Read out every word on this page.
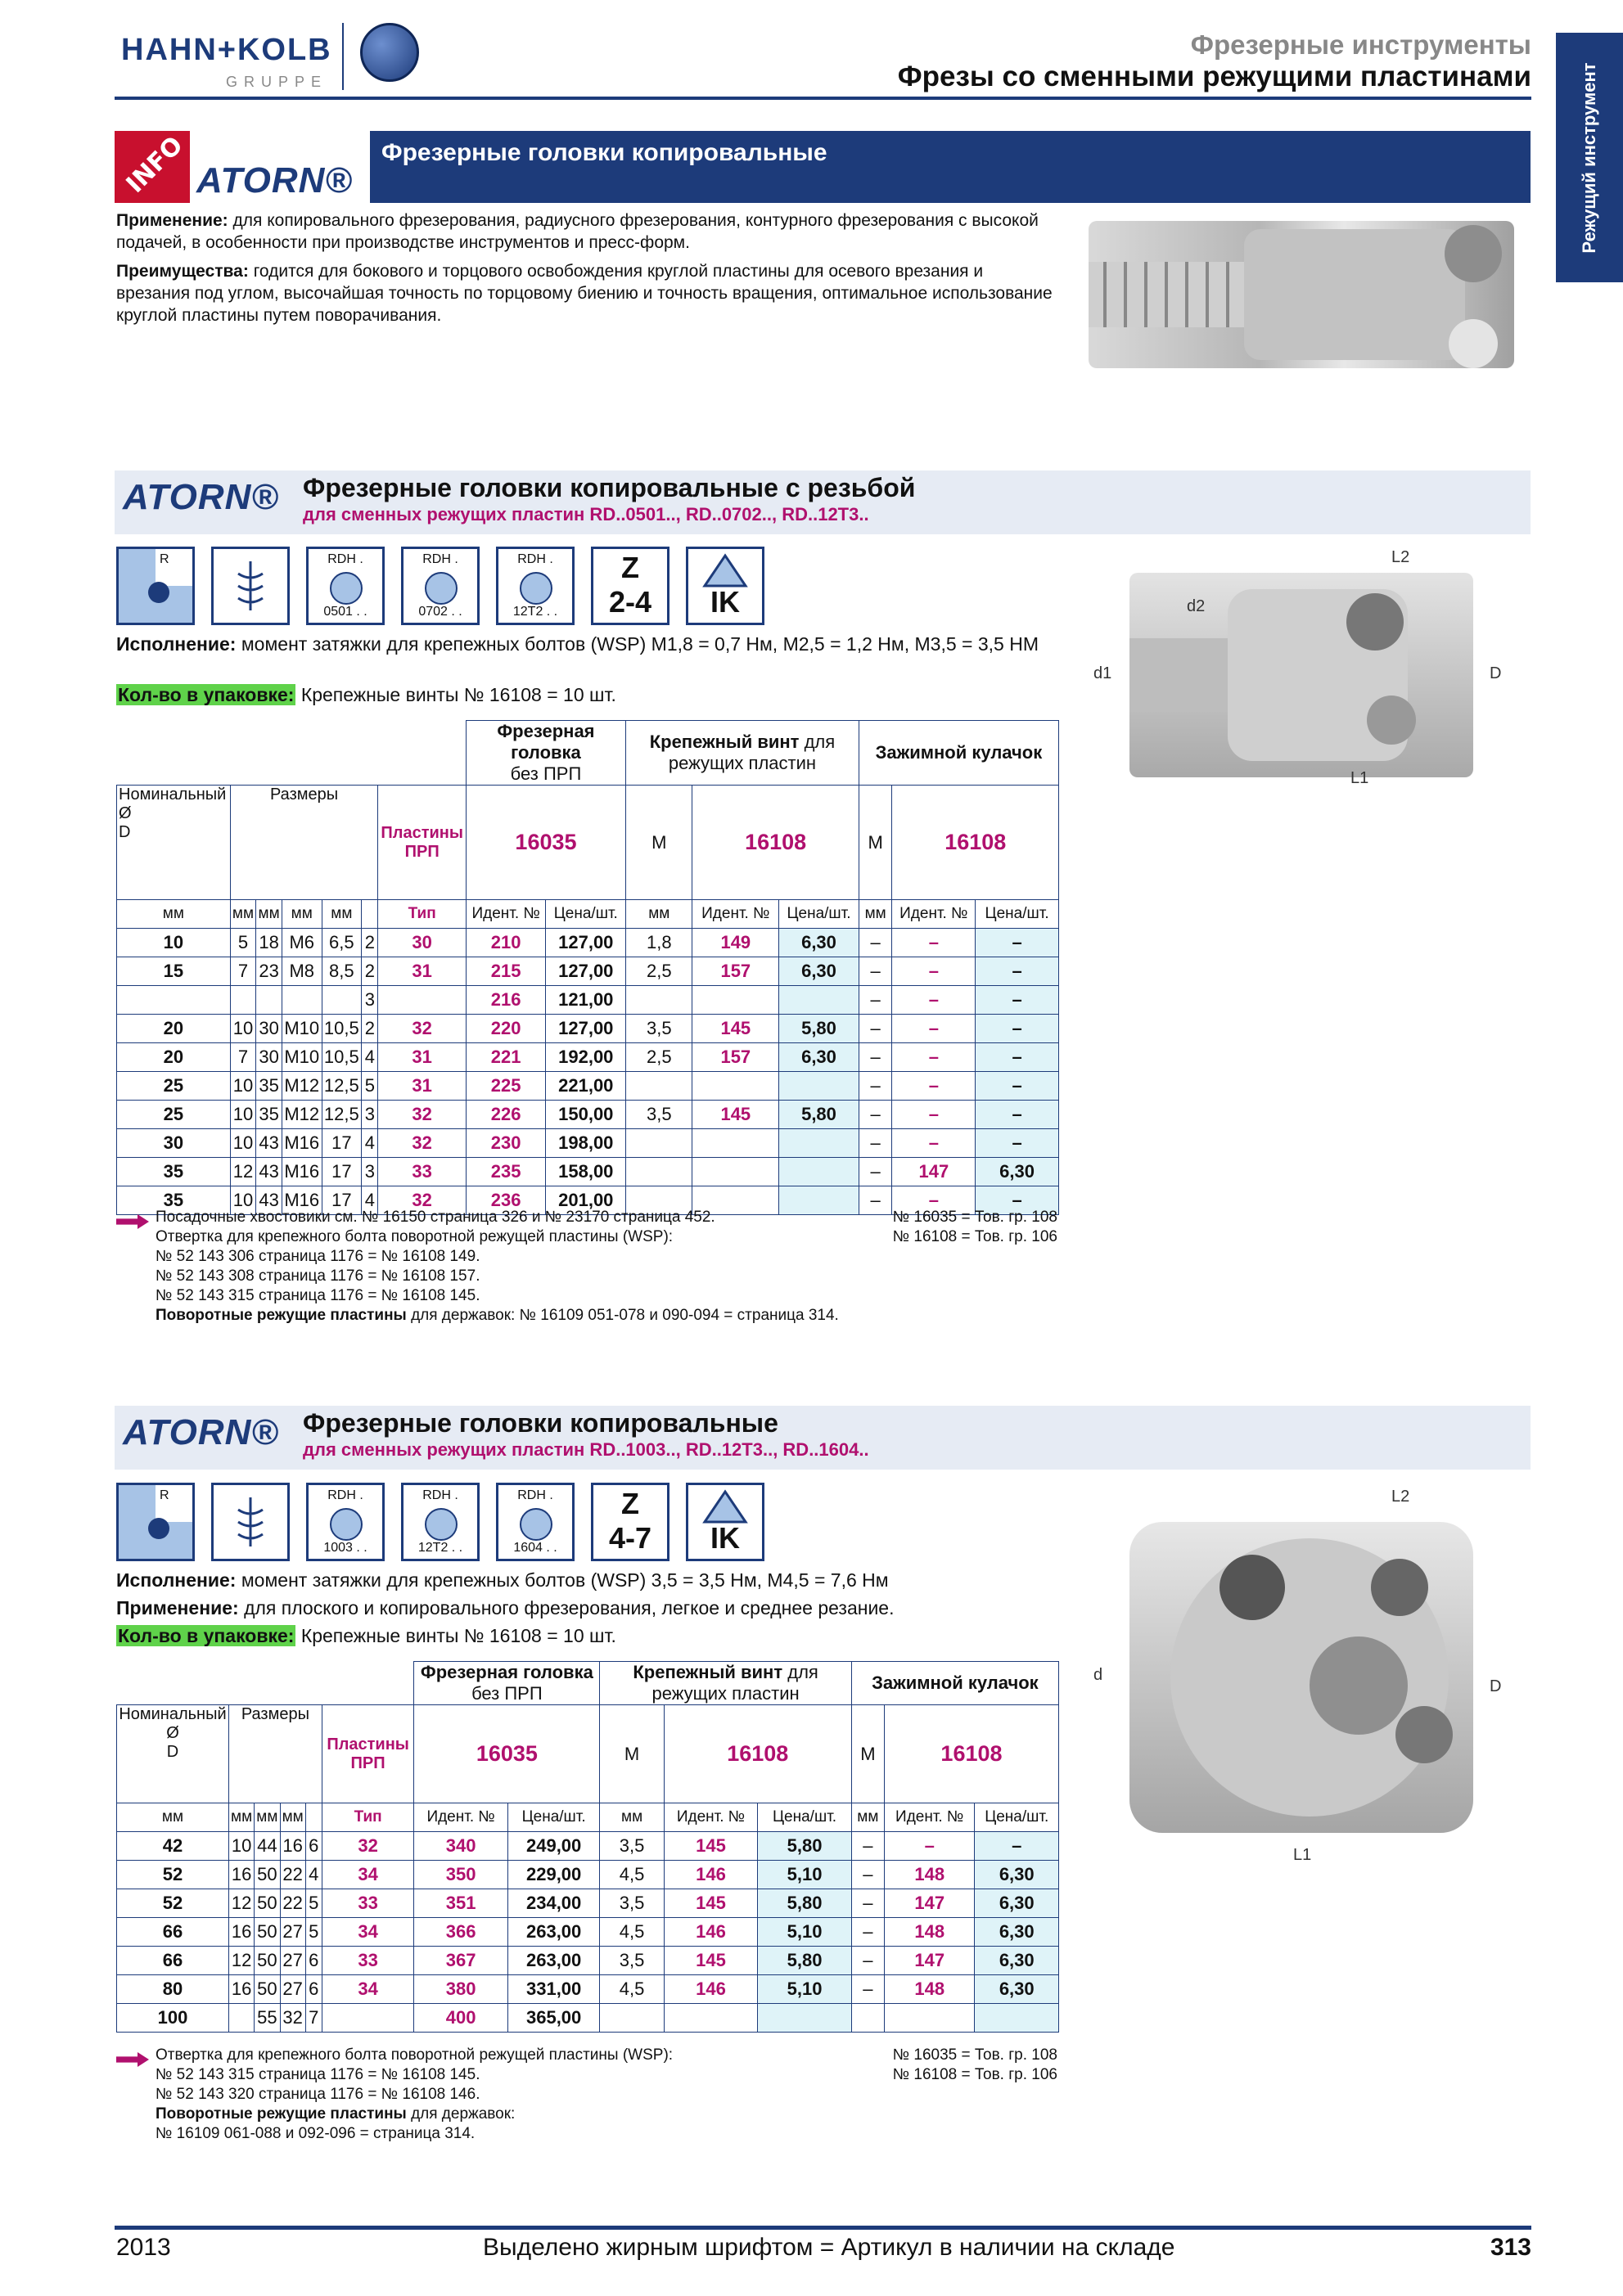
HAHN+KOLB
GRUPPE
Фрезерные инструменты
Фрезы со сменными режущими пластинами	Режущий инструмент
INFO ATORN®
Фрезерные головки копировальные
Применение: для копировального фрезерования, радиусного фрезерования, контурного фрезерования с высокой подачей, в особенности при производстве инструментов и пресс-форм.
Преимущества: годится для бокового и торцового освобождения круглой пластины для осевого врезания и врезания под углом, высочайшая точность по торцовому биению и точность вращения, оптимальное использование круглой пластины путем поворачивания.
ATORN® Фрезерные головки копировальные с резьбой
для сменных режущих пластин RD..0501.., RD..0702.., RD..12T3..
R	RDH .
0501 . .
RDH .
0702 . .
RDH .
12T2 . .
Z
2-4	IK
Исполнение: момент затяжки для крепежных болтов (WSP) M1,8 = 0,7 Нм, M2,5 = 1,2 Нм, M3,5 = 3,5 НМ
Кол-во в упаковке: Крепежные винты № 16108 = 10 шт.
							Фрезерная головка
без ПРП		Крепежный винт для режущих пластин			Зажимной кулачок		
Номинальный Ø
D	Размеры					Пластины ПРП	16035		M	16108		M	16108	
мм	мм	мм	мм	мм		Тип	Идент. №	Цена/шт.	мм	Идент. №	Цена/шт.	мм	Идент. №	Цена/шт.
10	5	18	M6	6,5	2	30	210	127,00	1,8	149	6,30	–	–	–
15	7	23	M8	8,5	2	31	215	127,00	2,5	157	6,30	–	–	–
					3		216	121,00				–	–	–
20	10	30	M10	10,5	2	32	220	127,00	3,5	145	5,80	–	–	–
20	7	30	M10	10,5	4	31	221	192,00	2,5	157	6,30	–	–	–
25	10	35	M12	12,5	5	31	225	221,00				–	–	–
25	10	35	M12	12,5	3	32	226	150,00	3,5	145	5,80	–	–	–
30	10	43	M16	17	4	32	230	198,00				–	–	–
35	12	43	M16	17	3	33	235	158,00				–	147	6,30
35	10	43	M16	17	4	32	236	201,00				–	–	–
Посадочные хвостовики см. № 16150 страница 326 и № 23170 страница 452.
Отвертка для крепежного болта поворотной режущей пластины (WSP):
№ 52 143 306 страница 1176 = № 16108 149.
№ 52 143 308 страница 1176 = № 16108 157.
№ 52 143 315 страница 1176 = № 16108 145.
Поворотные режущие пластины для державок: № 16109 051-078 и 090-094 = страница 314.
№ 16035 = Тов. гр. 108
№ 16108 = Тов. гр. 106
L2
d2
d1	D
L1
ATORN® Фрезерные головки копировальные
для сменных режущих пластин RD..1003.., RD..12T3.., RD..1604..
R	RDH .
1003 . .
RDH .
12T2 . .
RDH .
1604 . .
Z
4-7	IK
Исполнение: момент затяжки для крепежных болтов (WSP) 3,5 = 3,5 Нм, M4,5 = 7,6 Нм
Применение: для плоского и копировального фрезерования, легкое и среднее резание.
Кол-во в упаковке: Крепежные винты № 16108 = 10 шт.
						Фрезерная головка
без ПРП		Крепежный винт для режущих пластин			Зажимной кулачок		
Номинальный Ø
D	Размеры				Пластины ПРП	16035		M	16108		M	16108	
мм	мм	мм	мм		Тип	Идент. №	Цена/шт.	мм	Идент. №	Цена/шт.	мм	Идент. №	Цена/шт.
42	10	44	16	6	32	340	249,00	3,5	145	5,80	–	–	–
52	16	50	22	4	34	350	229,00	4,5	146	5,10	–	148	6,30
52	12	50	22	5	33	351	234,00	3,5	145	5,80	–	147	6,30
66	16	50	27	5	34	366	263,00	4,5	146	5,10	–	148	6,30
66	12	50	27	6	33	367	263,00	3,5	145	5,80	–	147	6,30
80	16	50	27	6	34	380	331,00	4,5	146	5,10	–	148	6,30
100		55	32	7		400	365,00						
Отвертка для крепежного болта поворотной режущей пластины (WSP):
№ 52 143 315 страница 1176 = № 16108 145.
№ 52 143 320 страница 1176 = № 16108 146.
Поворотные режущие пластины для державок:
№ 16109 061-088 и 092-096 = страница 314.
№ 16035 = Тов. гр. 108
№ 16108 = Тов. гр. 106
L2
d
D
L1
2013	Выделено жирным шрифтом = Артикул в наличии на складе	313
